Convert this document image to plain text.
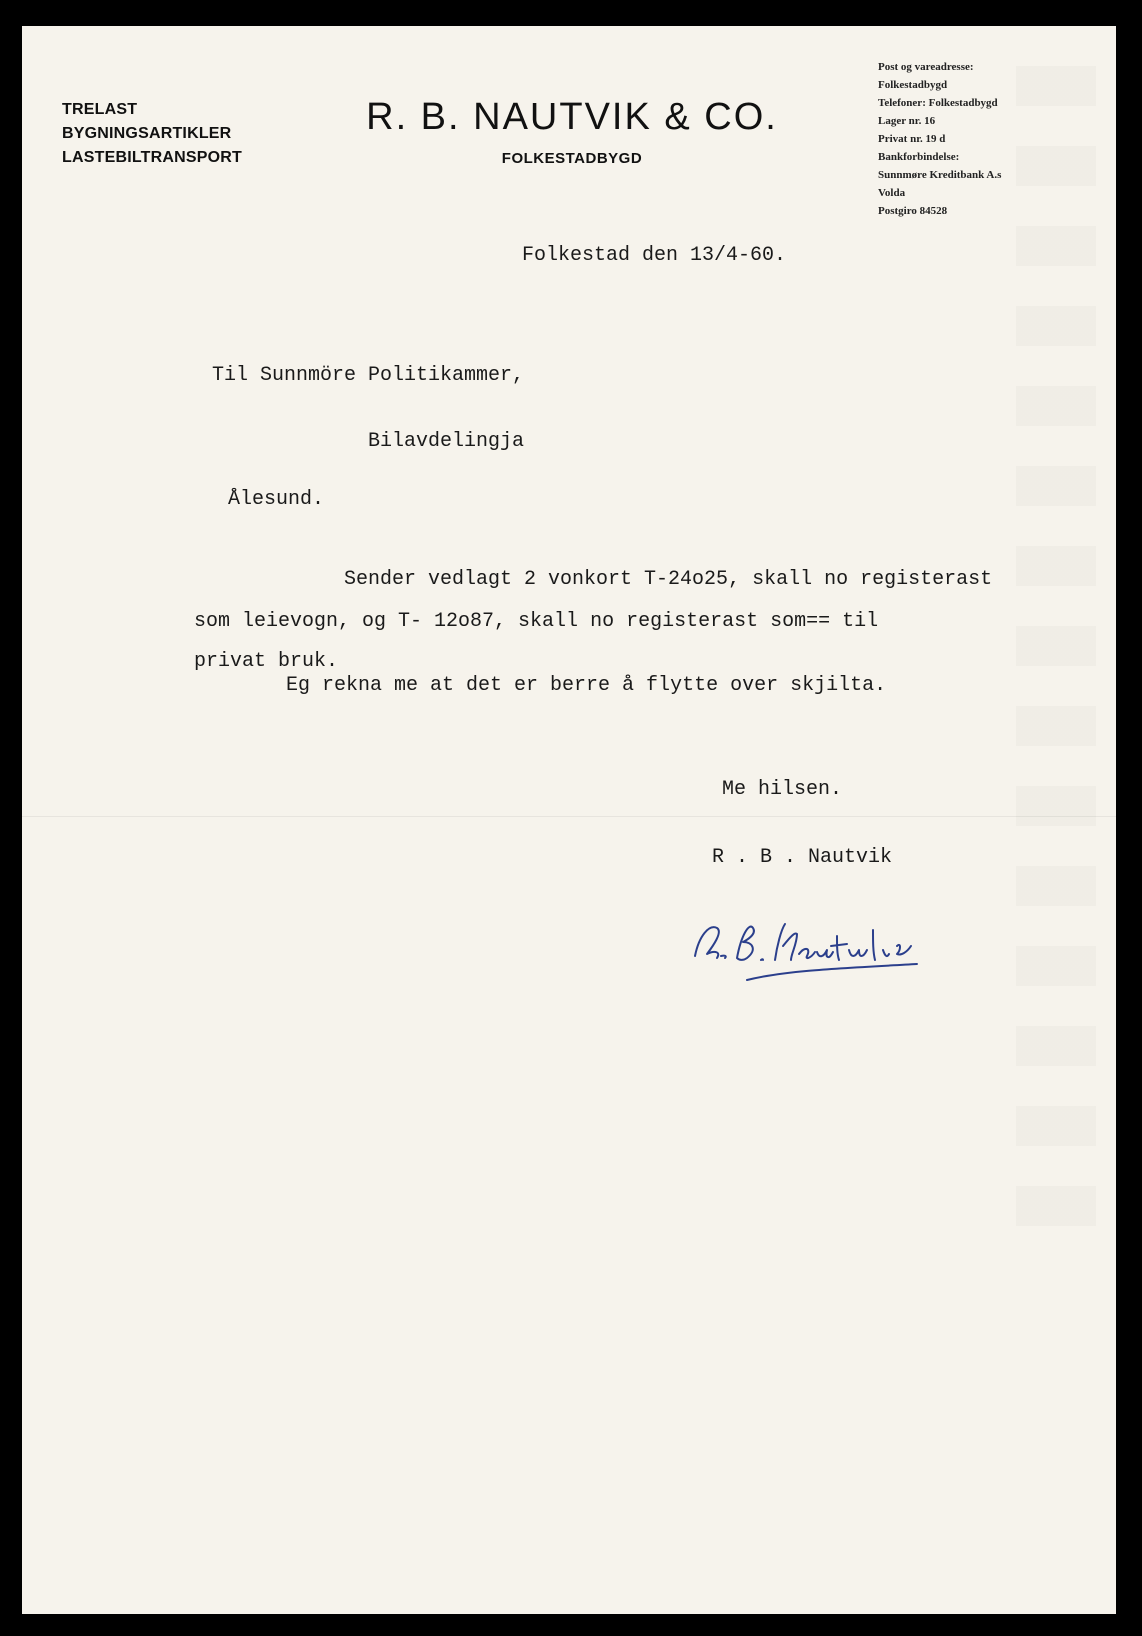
TRELAST
BYGNINGSARTIKLER
LASTEBILTRANSPORT
R. B. NAUTVIK & CO.
FOLKESTADBYGD
Post og vareadresse:
Folkestadbygd
Telefoner: Folkestadbygd
Lager nr. 16
Privat nr. 19 d
Bankforbindelse:
Sunnmøre Kreditbank A.s
Volda
Postgiro 84528
Folkestad den 13/4-60.
Til Sunnmöre Politikammer,
Bilavdelingja
Ålesund.
Sender vedlagt 2 vonkort T-24o25, skall no registerast
som leievogn, og T- 12o87, skall no registerast som== til
privat bruk.
Eg rekna me at det er berre å flytte over skjilta.
Me hilsen.
R . B . Nautvik
